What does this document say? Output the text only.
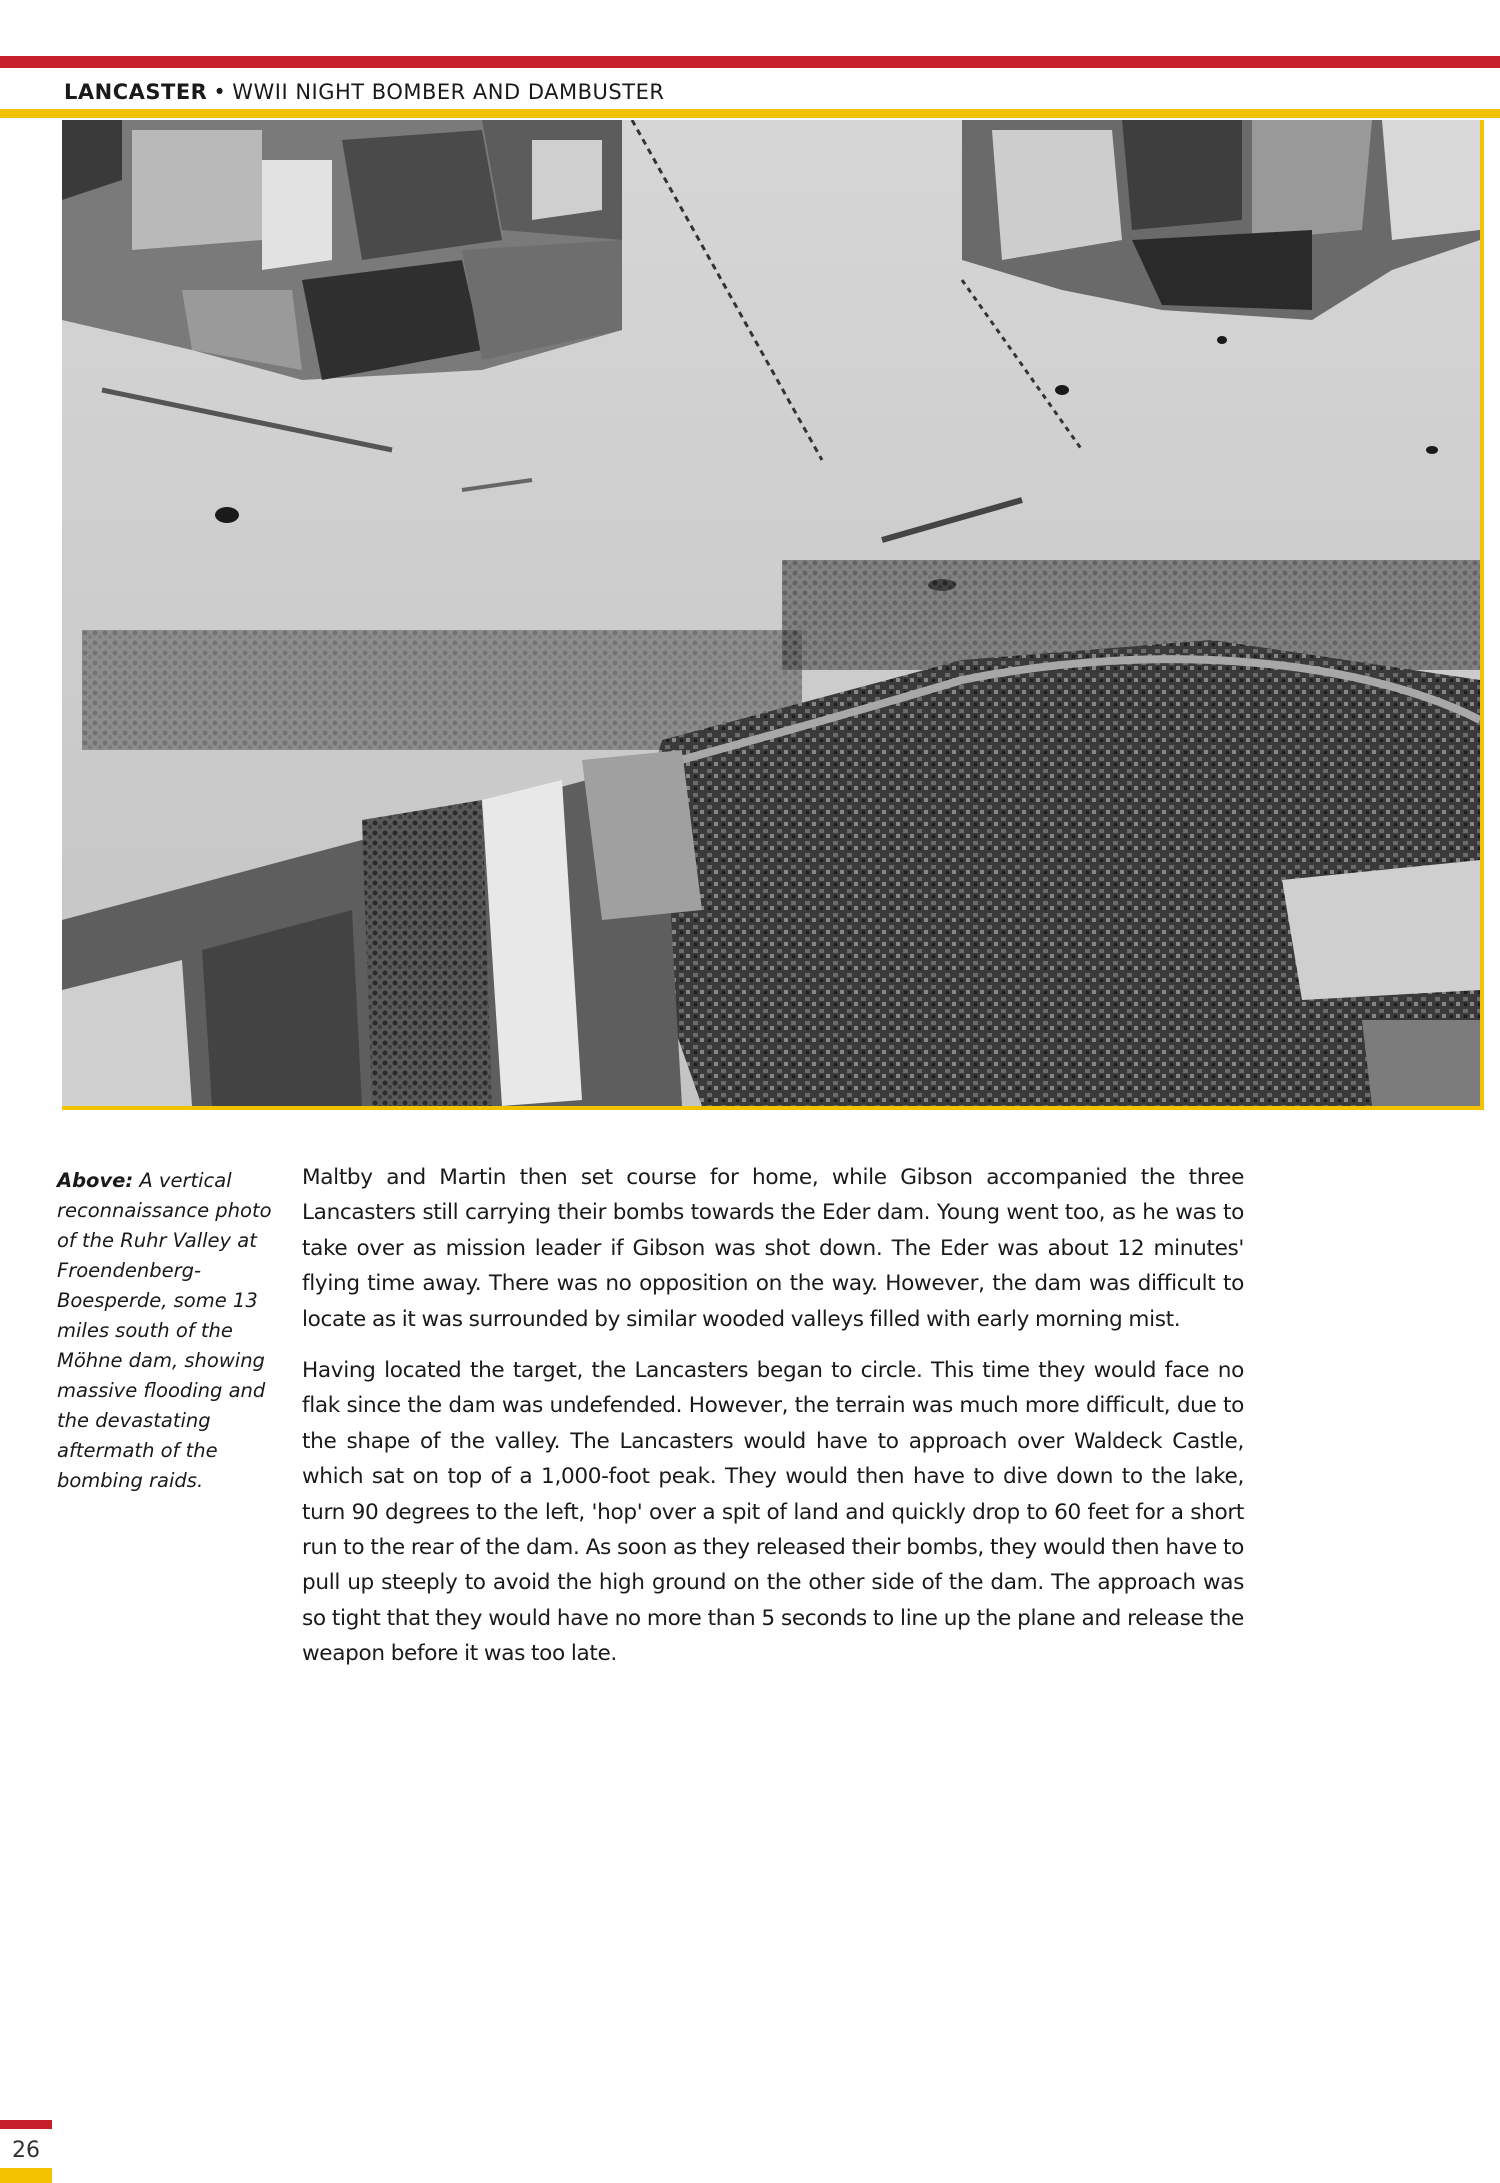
LANCASTER • WWII NIGHT BOMBER AND DAMBUSTER
Above: A vertical reconnaissance photo of the Ruhr Valley at Froendenberg-Boesperde, some 13 miles south of the Möhne dam, showing massive flooding and the devastating aftermath of the bombing raids.

Maltby and Martin then set course for home, while Gibson accompanied the three Lancasters still carrying their bombs towards the Eder dam. Young went too, as he was to take over as mission leader if Gibson was shot down. The Eder was about 12 minutes' flying time away. There was no opposition on the way. However, the dam was difficult to locate as it was surrounded by similar wooded valleys filled with early morning mist.

Having located the target, the Lancasters began to circle. This time they would face no flak since the dam was undefended. However, the terrain was much more difficult, due to the shape of the valley. The Lancasters would have to approach over Waldeck Castle, which sat on top of a 1,000-foot peak. They would then have to dive down to the lake, turn 90 degrees to the left, 'hop' over a spit of land and quickly drop to 60 feet for a short run to the rear of the dam. As soon as they released their bombs, they would then have to pull up steeply to avoid the high ground on the other side of the dam. The approach was so tight that they would have no more than 5 seconds to line up the plane and release the weapon before it was too late.

26
